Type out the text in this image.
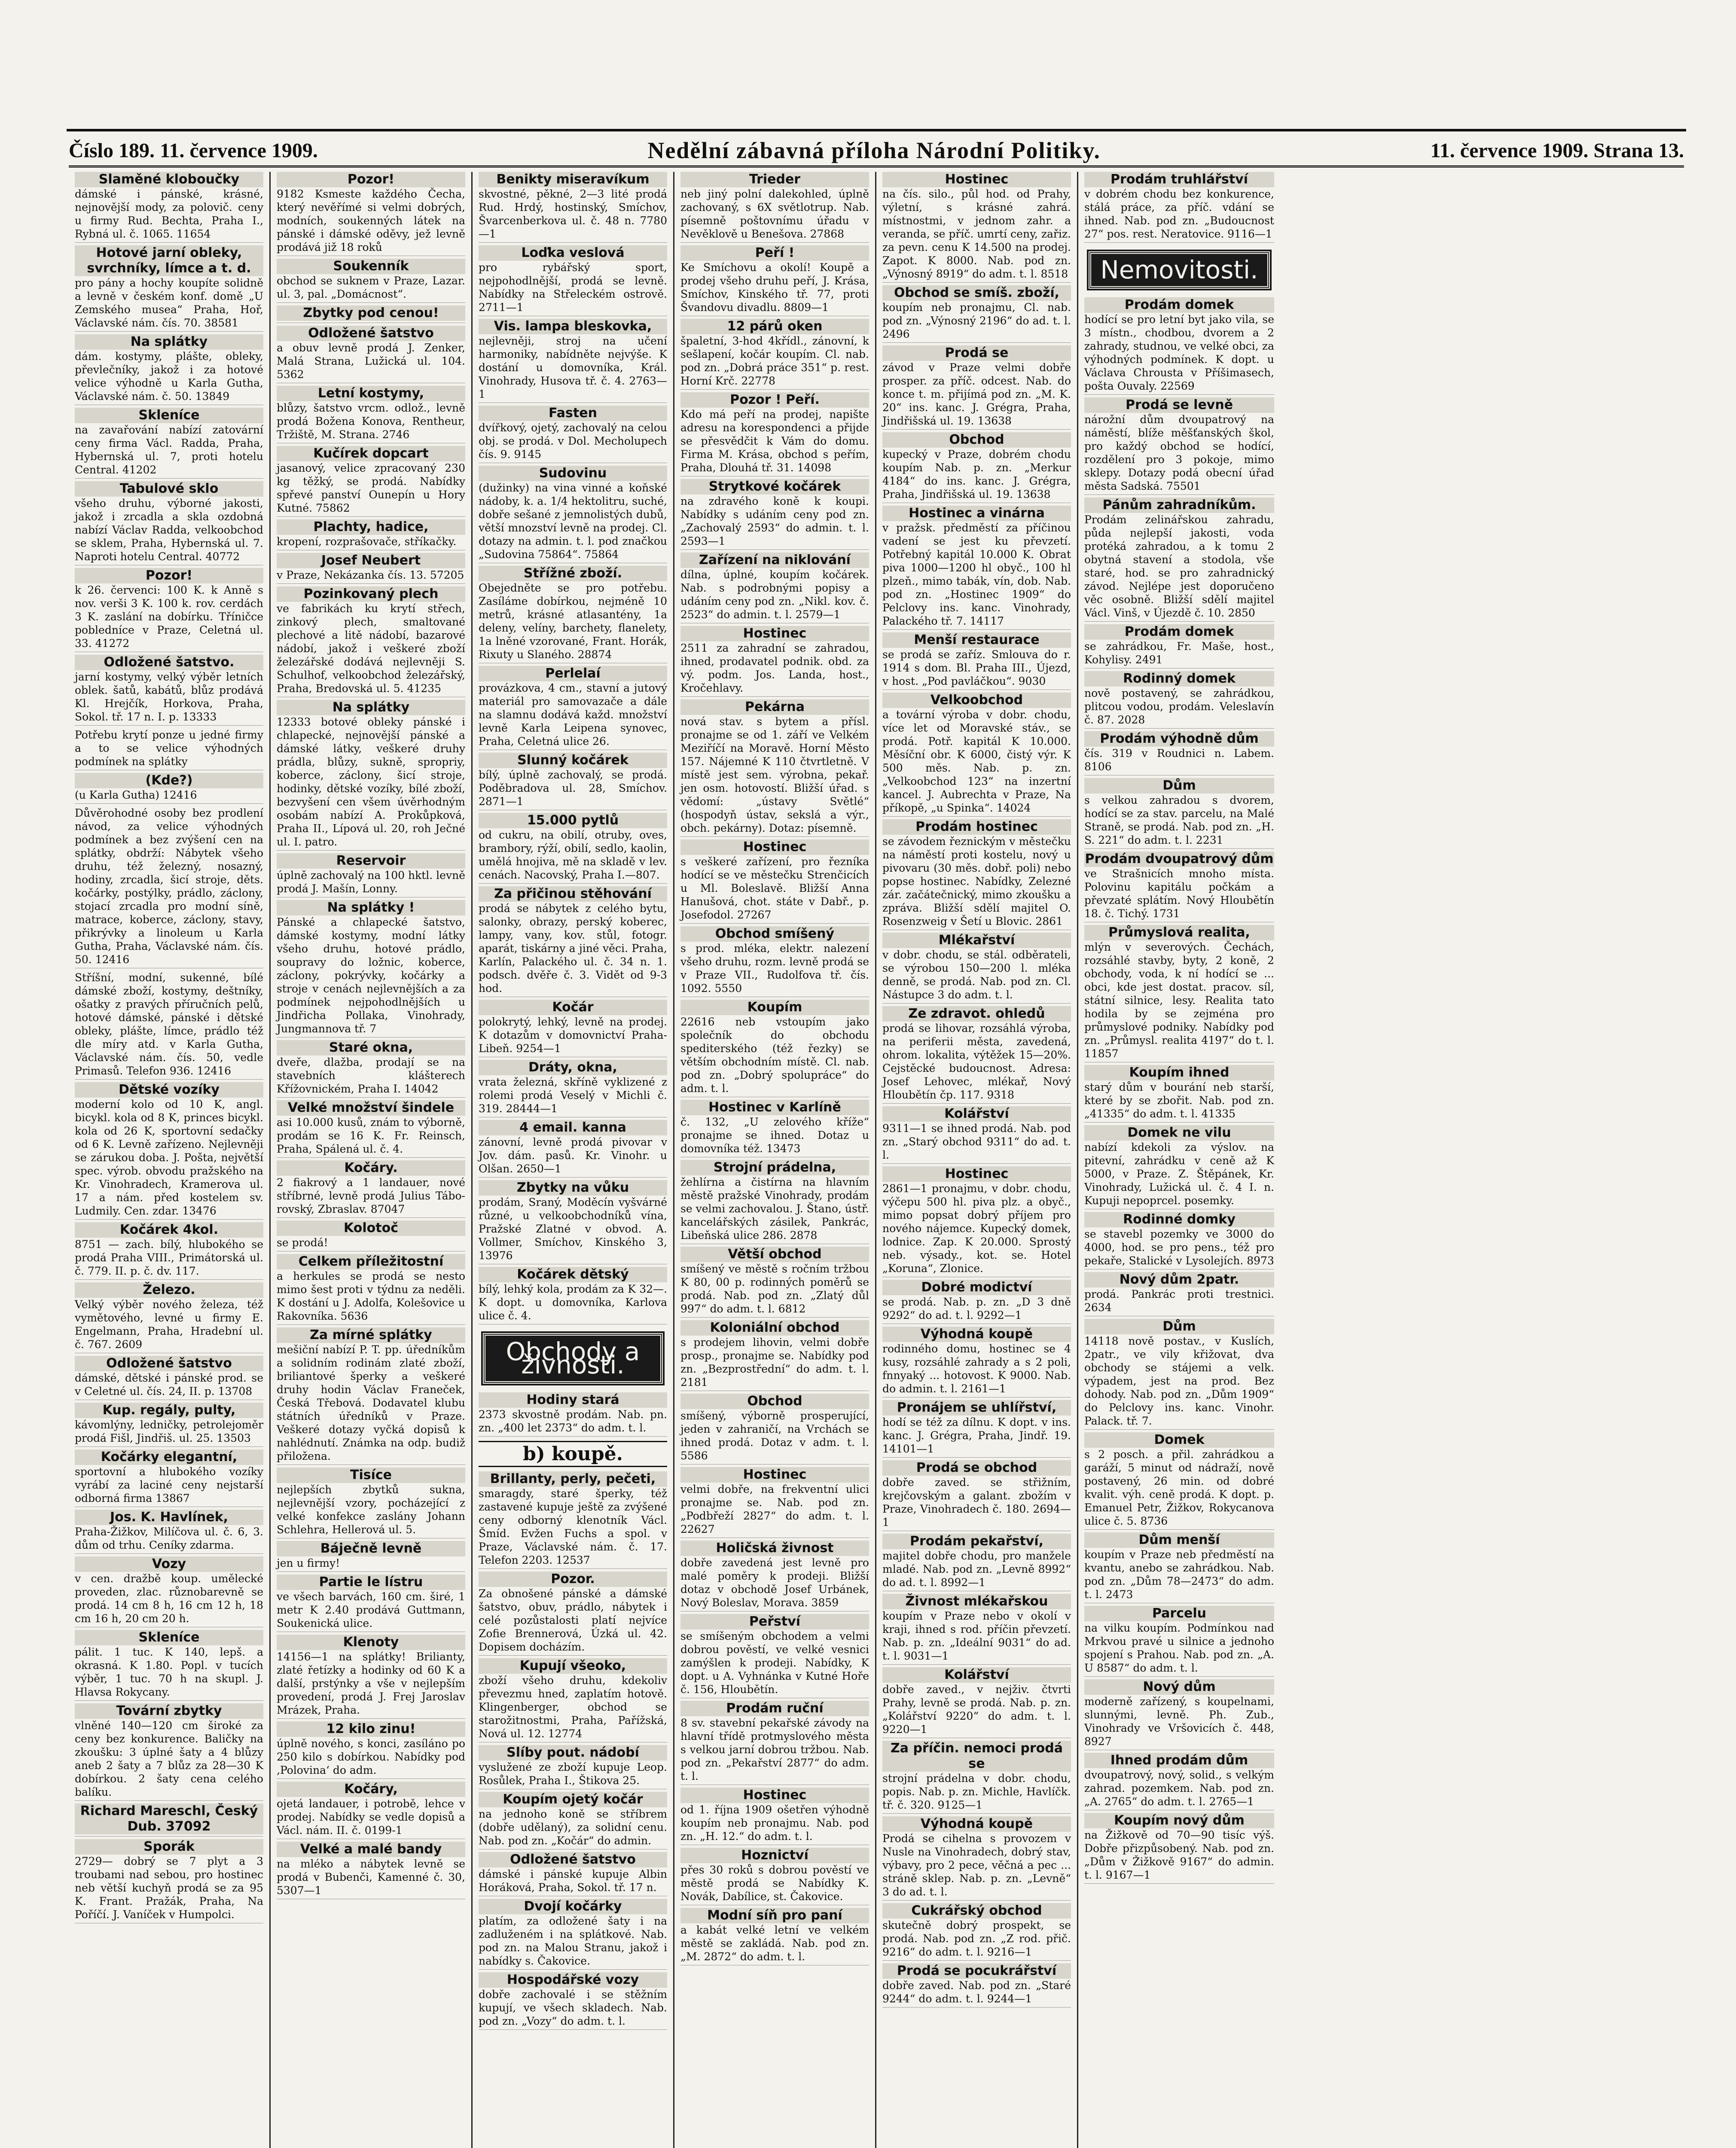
Číslo 189. 11. července 1909.	Nedělní zábavná příloha Národní Politiky.	11. července 1909. Strana 13.
Slaměné kloboučky
dámské i pánské, krásné, nejnovější mody, za polovič. ceny u firmy Rud. Bechta, Praha I., Rybná ul. č. 1065. 11654
Hotové jarní obleky, svrchníky, límce a t. d.
pro pány a hochy koupíte solidně a levně v českém konf. domě „U Zemského musea“ Praha, Hoř, Václavské nám. čís. 70. 38581
Na splátky
dám. kostymy, plášte, obleky, převlečníky, jakož i za hotové velice výhodně u Karla Gutha, Václavské nám. č. 50. 13849
Skleníce
na zavařování nabízí zatovární ceny firma Václ. Radda, Praha, Hybernská ul. 7, proti hotelu Central. 41202
Tabulové sklo
všeho druhu, výborné jakosti, jakož i zrcadla a skla ozdobná nabízí Václav Radda, velkoobchod se sklem, Praha, Hybernská ul. 7. Naproti hotelu Central. 40772
Pozor!
k 26. červenci: 100 K. k Anně s nov. verši 3 K. 100 k. rov. cerdách 3 K. zaslání na dobírku. Tříničce pobledníce v Praze, Celetná ul. 33. 41272
Odložené šatstvo.
jarní kostymy, velký výběr letních oblek. šatů, kabátů, blůz prodává Kl. Hrejčík, Horkova, Praha, Sokol. tř. 17 n. I. p. 13333
Potřebu krytí ponze u jedné firmy a to se velice výhodných podmínek na splátky
(Kde?)
(u Karla Gutha) 12416
Důvěrohodné osoby bez prodlení návod, za velice výhodných podmínek a bez zvýšení cen na splátky, obdrží: Nábytek všeho druhu, též železný, nosazný, hodiny, zrcadla, šicí stroje, děts. kočárky, postýlky, prádlo, záclony, stojací zrcadla pro modní síně, matrace, koberce, záclony, stavy, přikrývky a linoleum u Karla Gutha, Praha, Václavské nám. čís. 50. 12416
Stříšní, modní, sukenné, bílé dámské zboží, kostymy, deštníky, ošatky z pravých příručních pelů, hotové dámské, pánské i dětské obleky, plášte, límce, prádlo též dle míry atd. v Karla Gutha, Václavské nám. čís. 50, vedle Primasů. Telefon 936. 12416
Dětské vozíky
moderní kolo od 10 K, angl. bicykl. kola od 8 K, princes bicykl. kola od 26 K, sportovní sedačky od 6 K. Levně zařízeno. Nejlevněji se zárukou doba. J. Pošta, největší spec. výrob. obvodu pražského na Kr. Vinohradech, Kramerova ul. 17 a nám. před kostelem sv. Ludmily. Cen. zdar. 13476
Kočárek 4kol.
8751 — zach. bílý, hlubokého se prodá Praha VIII., Primátorská ul. č. 779. II. p. č. dv. 117.
Železo.
Velký výběr nového železa, též vymětového, levné u firmy E. Engelmann, Praha, Hradební ul. č. 767. 2609
Odložené šatstvo
dámské, dětské i pánské prod. se v Celetné ul. čís. 24, II. p. 13708
Kup. regály, pulty,
kávomlýny, ledničky, petrolejoměr prodá Fišl, Jindřiš. ul. 25. 13503
Kočárky elegantní,
sportovní a hlubokého vozíky vyrábí za laciné ceny nejstarší odborná firma 13867
Jos. K. Havlínek,
Praha-Žižkov, Milíčova ul. č. 6, 3. dům od trhu. Ceníky zdarma.
Vozy
v cen. dražbě koup. umělecké proveden, zlac. různobarevně se prodá. 14 cm 8 h, 16 cm 12 h, 18 cm 16 h, 20 cm 20 h.
Skleníce
pálit. 1 tuc. K 140, lepš. a okrasná. K 1.80. Popl. v tucích výběr, 1 tuc. 70 h na skupl. J. Hlavsa Rokycany.
Tovární zbytky
vlněné 140—120 cm široké za ceny bez konkurence. Baličky na zkoušku: 3 úplné šaty a 4 blůzy aneb 2 šaty a 7 blůz za 28—30 K dobírkou. 2 šaty cena celého balíku.
Richard Mareschl, Český Dub. 37092
Sporák
2729— dobrý se 7 plyt a 3 troubami nad sebou, pro hostinec neb větší kuchyň prodá se za 95 K. Frant. Pražák, Praha, Na Poříčí. J. Vaníček v Humpolci.
Pozor!
9182 Ksmeste každého Čecha, který nevěřímé si velmi dobrých, modních, soukenných látek na pánské i dámské oděvy, jež levně prodává již 18 roků
Soukenník
obchod se suknem v Praze, Lazar. ul. 3, pal. „Domácnost“.
Zbytky pod cenou!
Odložené šatstvo
a obuv levně prodá J. Zenker, Malá Strana, Lužická ul. 104. 5362
Letní kostymy,
blůzy, šatstvo vrcm. odlož., levně prodá Božena Konova, Rentheur, Tržiště, M. Strana. 2746
Kučírek dopcart
jasanový, velice zpracovaný 230 kg těžký, se prodá. Nabídky spřevé panství Ounepín u Hory Kutné. 75862
Plachty, hadice,
kropení, rozprašovače, stříkačky.
Josef Neubert
v Praze, Nekázanka čís. 13. 57205
Pozinkovaný plech
ve fabrikách ku krytí střech, zinkový plech, smaltované plechové a litě nádobí, bazarové nádobí, jakož i veškeré zboží železářské dodává nejlevněji S. Schulhof, velkoobchod železářský, Praha, Bredovská ul. 5. 41235
Na splátky
12333 botové obleky pánské i chlapecké, nejnovější pánské a dámské látky, veškeré druhy prádla, blůzy, sukně, spropriy, koberce, záclony, šicí stroje, hodinky, dětské vozíky, bílé zboží, bezvyšení cen všem úvěrhodným osobám nabízí A. Prokůpková, Praha II., Lípová ul. 20, roh Ječné ul. I. patro.
Reservoir
úplně zachovalý na 100 hktl. levně prodá J. Mašín, Lonny.
Na splátky !
Pánské a chlapecké šatstvo, dámské kostymy, modní látky všeho druhu, hotové prádlo, soupravy do ložnic, koberce, záclony, pokrývky, kočárky a stroje v cenách nejlevnějších a za podmínek nejpohodlnějších u Jindřicha Pollaka, Vinohrady, Jungmannova tř. 7
Staré okna,
dveře, dlažba, prodají se na stavebních klášterech Křížovnickém, Praha I. 14042
Velké množství šindele
asi 10.000 kusů, znám to výborně, prodám se 16 K. Fr. Reinsch, Praha, Spálená ul. č. 4.
Kočáry.
2 fiakrový a 1 landauer, nové stříbrné, levně prodá Julius Táborovský, Zbraslav. 87047
Kolotoč
se prodá!
Celkem příležitostní
a herkules se prodá se nesto mimo šest proti v týdnu za neděli. K dostání u J. Adolfa, Kolešovice u Rakovníka. 5636
Za mírné splátky
mešiční nabízí P. T. pp. úředníkům a solidním rodinám zlaté zboží, briliantové šperky a veškeré druhy hodin Václav Franeček, Česká Třebová. Dodavatel klubu státních úředníků v Praze. Veškeré dotazy vyčká dopisů k nahlédnutí. Známka na odp. budiž přiložena.
Tisíce
nejlepších zbytků sukna, nejlevnější vzory, pocházející z velké konfekce zaslány Johann Schlehra, Hellerová ul. 5.
Báječně levně
jen u firmy!
Partie le lístru
ve všech barvách, 160 cm. širé, 1 metr K 2.40 prodává Guttmann, Soukenická ulice.
Klenoty
14156—1 na splátky! Brilianty, zlaté řetízky a hodinky od 60 K a další, prstýnky a vše v nejlepším provedení, prodá J. Frej Jaroslav Mrázek, Praha.
12 kilo zinu!
úplně nového, s konci, zasíláno po 250 kilo s dobírkou. Nabídky pod ‚Polovina‘ do adm.
Kočáry,
ojetá landauer, i potrobě, lehce v prodej. Nabídky se vedle dopisů a Václ. nám. II. č. 0199-1
Velké a malé bandy
na mléko a nábytek levně se prodá v Bubenči, Kamenné č. 30, 5307—1
Benikty miseravíkum
skvostné, pěkné, 2—3 lité prodá Rud. Hrdý, hostinský, Smíchov, Švarcenberkova ul. č. 48 n. 7780—1
Loďka veslová
pro rybářský sport, nejpohodlnější, prodá se levně. Nabídky na Střeleckém ostrově. 2711—1
Vis. lampa bleskovka,
nejlevněji, stroj na učení harmoniky, nabídněte nejvýše. K dostání u domovníka, Král. Vinohrady, Husova tř. č. 4. 2763—1
Fasten
dvířkový, ojetý, zachovalý na celou obj. se prodá. v Dol. Mecholupech čís. 9. 9145
Sudovinu
(dužinky) na vina vinné a koňské nádoby, k. a. 1/4 hektolitru, suché, dobře sešané z jemnolistých dubů, větší mnozství levně na prodej. Cl. dotazy na admin. t. l. pod značkou „Sudovina 75864“. 75864
Střížné zboží.
Obejedněte se pro potřebu. Zasíláme dobírkou, nejméně 10 metrů, krásné atlasantény, 1a deleny, velíny, barchety, flanelety, 1a lněné vzorované, Frant. Horák, Rixuty u Slaného. 28874
Perlelaí
provázkova, 4 cm., stavní a jutový materiál pro samovazače a dále na slamnu dodává každ. množství levně Karla Leipena synovec, Praha, Celetná ulice 26.
Slunný kočárek
bílý, úplně zachovalý, se prodá. Poděbradova ul. 28, Smíchov. 2871—1
15.000 pytlů
od cukru, na obilí, otruby, oves, brambory, rýží, obilí, sedlo, kaolin, umělá hnojiva, mě na skladě v lev. cenách. Nacovský, Praha I.—807.
Za přičinou stěhování
prodá se nábytek z celého bytu, salonky, obrazy, perský koberec, lampy, vany, kov. stůl, fotogr. aparát, tiskárny a jiné věci. Praha, Karlín, Palackého ul. č. 34 n. 1. podsch. dvěře č. 3. Vidět od 9-3 hod.
Kočár
polokrytý, lehký, levně na prodej. K dotazům v domovnictví Praha-Libeň. 9254—1
Dráty, okna,
vrata železná, skříně vyklizené z rolemi prodá Veselý v Michli č. 319. 28444—1
4 email. kanna
zánovní, levně prodá pivovar v Jov. dám. pasů. Kr. Vinohr. u Olšan. 2650—1
Zbytky na vůku
prodám, Sraný, Moděcín vyšvárné různé, u velkoobchodníků vína, Pražské Zlatné v obvod. A. Vollmer, Smíchov, Kinského 3, 13976
Kočárek dětský
bílý, lehký kola, prodám za K 32—. K dopt. u domovníka, Karlova ulice č. 4.
Obchody a živnosti.
Hodiny stará
2373 skvostně prodám. Nab. pn. zn. „400 let 2373“ do adm. t. l.
b) koupě.
Brillanty, perly, pečeti,
smaragdy, staré šperky, též zastavené kupuje ještě za zvýšené ceny odborný klenotník Václ. Šmíd. Evžen Fuchs a spol. v Praze, Václavské nám. č. 17. Telefon 2203. 12537
Pozor.
Za obnošené pánské a dámské šatstvo, obuv, prádlo, nábytek i celé pozůstalosti platí nejvíce Zofie Brennerová, Úzká ul. 42. Dopisem docházím.
Kupují všeoko,
zboží všeho druhu, kdekoliv převezmu hned, zaplatím hotově. Klingenberger, obchod se starožitnostmi, Praha, Pařížská, Nová ul. 12. 12774
Slíby pout. nádobí
vyslužené ze zboží kupuje Leop. Rosůlek, Praha I., Štikova 25.
Koupím ojetý kočár
na jednoho koně se stříbrem (dobře udělaný), za solidní cenu. Nab. pod zn. „Kočár“ do admin.
Odložené šatstvo
dámské i pánské kupuje Albin Horáková, Praha, Sokol. tř. 17 n.
Dvojí kočárky
platím, za odložené šaty i na zadluženém i na splátkové. Nab. pod zn. na Malou Stranu, jakož i nabídky s. Čakovice.
Hospodářské vozy
dobře zachovalé i se stěžním kupují, ve všech skladech. Nab. pod zn. „Vozy“ do adm. t. l.
Trieder
neb jiný polní dalekohled, úplně zachovaný, s 6X světlotrup. Nab. písemně poštovnímu úřadu v Nevěklově u Benešova. 27868
Peří !
Ke Smíchovu a okolí! Koupě a prodej všeho druhu peří, J. Krása, Smíchov, Kinského tř. 77, proti Švandovu divadlu. 8809—1
12 párů oken
špaletní, 3-hod 4křídl., zánovní, k sešlapení, kočár koupím. Cl. nab. pod zn. „Dobrá práce 351“ p. rest. Horní Krč. 22778
Pozor ! Peří.
Kdo má peří na prodej, napište adresu na korespondenci a přijde se přesvědčit k Vám do domu. Firma M. Krása, obchod s peřím, Praha, Dlouhá tř. 31. 14098
Strytkové kočárek
na zdravého koně k koupi. Nabídky s udáním ceny pod zn. „Zachovalý 2593“ do admin. t. l. 2593—1
Zařízení na niklování
dílna, úplné, koupím kočárek. Nab. s podrobnými popisy a udáním ceny pod zn. „Nikl. kov. č. 2523“ do admin. t. l. 2579—1
Hostinec
2511 za zahradní se zahradou, ihned, prodavatel podnik. obd. za vý. podm. Jos. Landa, host., Kročehlavy.
Pekárna
nová stav. s bytem a přísl. pronajme se od 1. září ve Velkém Meziříčí na Moravě. Horní Město 157. Nájemné K 110 čtvrtletně. V místě jest sem. výrobna, pekař. jen osm. hotovostí. Bližší úřad. s vědomí: „ústavy Světlé“ (hospodyň ústav, sekslá a výr., obch. pekárny). Dotaz: písemně.
Hostinec
s veškeré zařízení, pro řezníka hodící se ve městečku Strenčicích u Ml. Boleslavě. Bližší Anna Hanušová, chot. státe v Dabř., p. Josefodol. 27267
Obchod smíšený
s prod. mléka, elektr. nalezení všeho druhu, rozm. levně prodá se v Praze VII., Rudolfova tř. čís. 1092. 5550
Koupím
22616 neb vstoupím jako společník do obchodu spediterského (též řezky) se větším obchodním místě. Cl. nab. pod zn. „Dobrý spolupráce“ do adm. t. l.
Hostinec v Karlíně
č. 132, „U zelového kříže“ pronajme se ihned. Dotaz u domovníka též. 13473
Strojní prádelna,
žehlírna a čistírna na hlavním městě pražské Vinohrady, prodám se velmi zachovalou. J. Štano, ústř. kancelářských zásilek, Pankrác, Libeňská ulice 286. 2878
Větší obchod
smíšený ve městě s ročním tržbou K 80, 00 p. rodinných poměrů se prodá. Nab. pod zn. „Zlatý důl 997“ do adm. t. l. 6812
Koloniální obchod
s prodejem lihovin, velmi dobře prosp., pronajme se. Nabídky pod zn. „Bezprostřední“ do adm. t. l. 2181
Obchod
smíšený, výborně prosperující, jeden v zahraničí, na Vrchách se ihned prodá. Dotaz v adm. t. l. 5586
Hostinec
velmi dobře, na frekventní ulici pronajme se. Nab. pod zn. „Podbřeží 2827“ do adm. t. l. 22627
Holičská živnost
dobře zavedená jest levně pro malé poměry k prodeji. Bližší dotaz v obchodě Josef Urbánek, Nový Boleslav, Morava. 3859
Peřství
se smíšeným obchodem a velmi dobrou pověstí, ve velké vesnici zamýšlen k prodeji. Nabídky, K dopt. u A. Vyhnánka v Kutné Hoře č. 156, Hloubětín.
Prodám ruční
8 sv. stavební pekařské závody na hlavní třídě protmyslového města s velkou jarní dobrou tržbou. Nab. pod zn. „Pekařství 2877“ do adm. t. l.
Hostinec
od 1. října 1909 ošetřen výhodně koupím neb pronajmu. Nab. pod zn. „H. 12.“ do adm. t. l.
Hoznictví
přes 30 roků s dobrou pověstí ve městě prodá se Nabídky K. Novák, Dabílice, st. Čakovice.
Modní síň pro paní
a kabát velké letní ve velkém městě se zakládá. Nab. pod zn. „M. 2872“ do adm. t. l.
Hostinec
na čís. silo., půl hod. od Prahy, výletní, s krásné zahrá. místnostmi, v jednom zahr. a veranda, se příč. umrtí ceny, zařiz. za pevn. cenu K 14.500 na prodej. Zapot. K 8000. Nab. pod zn. „Výnosný 8919“ do adm. t. l. 8518
Obchod se smíš. zboží,
koupím neb pronajmu, Cl. nab. pod zn. „Výnosný 2196“ do ad. t. l. 2496
Prodá se
závod v Praze velmi dobře prosper. za příč. odcest. Nab. do konce t. m. přijímá pod zn. „M. K. 20“ ins. kanc. J. Grégra, Praha, Jindřišská ul. 19. 13638
Obchod
kupecký v Praze, dobrém chodu koupím Nab. p. zn. „Merkur 4184“ do ins. kanc. J. Grégra, Praha, Jindřišská ul. 19. 13638
Hostinec a vinárna
v pražsk. předměstí za příčinou vadení se jest ku převzetí. Potřebný kapitál 10.000 K. Obrat piva 1000—1200 hl obyč., 100 hl plzeň., mimo tabák, vín, dob. Nab. pod zn. „Hostinec 1909“ do Pelclovy ins. kanc. Vinohrady, Palackého tř. 7. 14117
Menší restaurace
se prodá se zaříz. Smlouva do r. 1914 s dom. Bl. Praha III., Újezd, v host. „Pod pavláčkou“. 9030
Velkoobchod
a tovární výroba v dobr. chodu, více let od Moravské stáv., se prodá. Potř. kapitál K 10.000. Měsíční obr. K 6000, čistý výr. K 500 měs. Nab. p. zn. „Velkoobchod 123“ na inzertní kancel. J. Aubrechta v Praze, Na příkopě, „u Spinka“. 14024
Prodám hostinec
se závodem řeznickým v městečku na náměstí proti kostelu, nový u pivovaru (30 měs. dobř. poli) nebo popse hostinec. Nabídky, Zelezné zár. začátečnický, mimo zkoušku a zpráva. Bližší sdělí majitel O. Rosenzweig v Šetí u Blovic. 2861
Mlékařství
v dobr. chodu, se stál. odběrateli, se výrobou 150—200 l. mléka denně, se prodá. Nab. pod zn. Cl. Nástupce 3 do adm. t. l.
Ze zdravot. ohledů
prodá se lihovar, rozsáhlá výroba, na periferii města, zavedená, ohrom. lokalita, výtěžek 15—20%. Cejstěcké budoucnost. Adresa: Josef Lehovec, mlékař, Nový Hloubětín čp. 117. 9318
Kolářství
9311—1 se ihned prodá. Nab. pod zn. „Starý obchod 9311“ do ad. t. l.
Hostinec
2861—1 pronajmu, v dobr. chodu, výčepu 500 hl. piva plz. a obyč., mimo popsat dobrý příjem pro nového nájemce. Kupecký domek, lodnice. Zap. K 20.000. Sprostý neb. výsady., kot. se. Hotel „Koruna“, Zlonice.
Dobré modictví
se prodá. Nab. p. zn. „D 3 dně 9292“ do ad. t. l. 9292—1
Výhodná koupě
rodinného domu, hostinec se 4 kusy, rozsáhlé zahrady a s 2 poli, fnnyaký ... hotovost. K 9000. Nab. do admin. t. l. 2161—1
Pronájem se uhlířství,
hodí se též za dílnu. K dopt. v ins. kanc. J. Grégra, Praha, Jindř. 19. 14101—1
Prodá se obchod
dobře zaved. se střižním, krejčovským a galant. zbožím v Praze, Vinohradech č. 180. 2694—1
Prodám pekařství,
majitel dobře chodu, pro manžele mladé. Nab. pod zn. „Levně 8992“ do ad. t. l. 8992—1
Živnost mlékařskou
koupím v Praze nebo v okolí v kraji, ihned s rod. příčin převzetí. Nab. p. zn. „Ideální 9031“ do ad. t. l. 9031—1
Kolářství
dobře zaved., v nejživ. čtvrti Prahy, levně se prodá. Nab. p. zn. „Kolářství 9220“ do adm. t. l. 9220—1
Za příčin. nemoci prodá se
strojní prádelna v dobr. chodu, popis. Nab. p. zn. Michle, Havlíčk. tř. č. 320. 9125—1
Výhodná koupě
Prodá se cihelna s provozem v Nusle na Vinohradech, dobrý stav, výbavy, pro 2 pece, věčná a pec ... stráně sklep. Nab. p. zn. „Levně“ 3 do ad. t. l.
Cukrářský obchod
skutečně dobrý prospekt, se prodá. Nab. pod zn. „Z rod. přič. 9216“ do adm. t. l. 9216—1
Prodá se pocukrářství
dobře zaved. Nab. pod zn. „Staré 9244“ do adm. t. l. 9244—1
Prodám truhlářství
v dobrém chodu bez konkurence, stálá práce, za příč. vdání se ihned. Nab. pod zn. „Budoucnost 27“ pos. rest. Neratovice. 9116—1
Nemovitosti.
Prodám domek
hodící se pro letní byt jako vila, se 3 místn., chodbou, dvorem a 2 zahrady, studnou, ve velké obci, za výhodných podmínek. K dopt. u Václava Chrousta v Příšimasech, pošta Ouvaly. 22569
Prodá se levně
nárožní dům dvoupatrový na náměstí, blíže měšťanských škol, pro každý obchod se hodící, rozdělení pro 3 pokoje, mimo sklepy. Dotazy podá obecní úřad města Sadská. 75501
Pánům zahradníkům.
Prodám zelinářskou zahradu, půda nejlepší jakosti, voda protéká zahradou, a k tomu 2 obytná stavení a stodola, vše staré, hod. se pro zahradnický závod. Nejlépe jest doporučeno věc osobně. Bližší sdělí majitel Václ. Vinš, v Újezdě č. 10. 2850
Prodám domek
se zahrádkou, Fr. Maše, host., Kohylisy. 2491
Rodinný domek
nově postavený, se zahrádkou, plitcou vodou, prodám. Veleslavín č. 87. 2028
Prodám výhodně dům
čís. 319 v Roudnici n. Labem. 8106
Dům
s velkou zahradou s dvorem, hodící se za stav. parcelu, na Malé Straně, se prodá. Nab. pod zn. „H. S. 221“ do adm. t. l. 2231
Prodám dvoupatrový dům
ve Strašnicích mnoho místa. Polovinu kapitálu počkám a převzaté splátím. Nový Hloubětín 18. č. Tichý. 1731
Průmyslová realita,
mlýn v severových. Čechách, rozsáhlé stavby, byty, 2 koně, 2 obchody, voda, k ní hodící se ... obci, kde jest dostat. pracov. síl, státní silnice, lesy. Realita tato hodila by se zejména pro průmyslové podniky. Nabídky pod zn. „Průmysl. realita 4197“ do t. l. 11857
Koupím ihned
starý dům v bourání neb starší, které by se zbořit. Nab. pod zn. „41335“ do adm. t. l. 41335
Domek ne vilu
nabízí kdekoli za výslov. na pitevní, zahrádku v ceně až K 5000, v Praze. Z. Štěpánek, Kr. Vinohrady, Lužická ul. č. 4 I. n. Kupuji nepoprcel. posemky.
Rodinné domky
se stavebl pozemky ve 3000 do 4000, hod. se pro pens., též pro pekaře, Stalické v Lysolejích. 8973
Nový dům 2patr.
prodá. Pankrác proti trestnici. 2634
Dům
14118 nově postav., v Kuslích, 2patr., ve vily křižovat, dva obchody se stájemi a velk. výpadem, jest na prod. Bez dohody. Nab. pod zn. „Dům 1909“ do Pelclovy ins. kanc. Vinohr. Palack. tř. 7.
Domek
s 2 posch. a přil. zahrádkou a garáží, 5 minut od nádraží, nově postavený, 26 min. od dobré kvalit. výh. ceně prodá. K dopt. p. Emanuel Petr, Žižkov, Rokycanova ulice č. 5. 8736
Dům menší
koupím v Praze neb předměstí na kvantu, anebo se zahrádkou. Nab. pod zn. „Dům 78—2473“ do adm. t. l. 2473
Parcelu
na vilku koupím. Podmínkou nad Mrkvou pravé u silnice a jednoho spojení s Prahou. Nab. pod zn. „A. U 8587“ do adm. t. l.
Nový dům
moderně zařízený, s koupelnami, slunnými, levně. Ph. Zub., Vinohrady ve Vršovicích č. 448, 8927
Ihned prodám dům
dvoupatrový, nový, solid., s velkým zahrad. pozemkem. Nab. pod zn. „A. 2765“ do adm. t. l. 2765—1
Koupím nový dům
na Žižkově od 70—90 tisíc výš. Dobře přizpůsobený. Nab. pod zn. „Dům v Žižkově 9167“ do admin. t. l. 9167—1
